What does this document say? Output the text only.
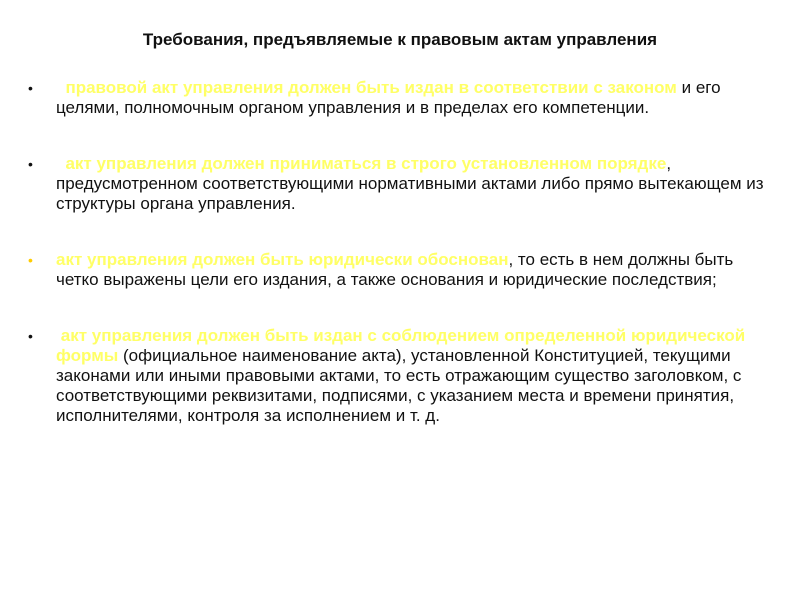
Требования, предъявляемые к правовым актам управления
•	правовой акт управления должен быть издан в соответствии с законом и его целями, полномочным органом управления и в пределах его компетенции.
•	акт управления должен приниматься в строго установленном порядке, предусмотренном соответствующими нормативными актами либо прямо вытекающем из структуры органа управления.
•	акт управления должен быть юридически обоснован, то есть в нем должны быть четко выражены цели его издания, а также основания и юридические последствия;
•	акт управления должен быть издан с соблюдением определенной юридической формы (официальное наименование акта), установленной Конституцией, текущими законами или иными правовыми актами, то есть отражающим существо заголовком, с соответствующими реквизитами, подписями, с указанием места и времени принятия, исполнителями, контроля за исполнением и т. д.
